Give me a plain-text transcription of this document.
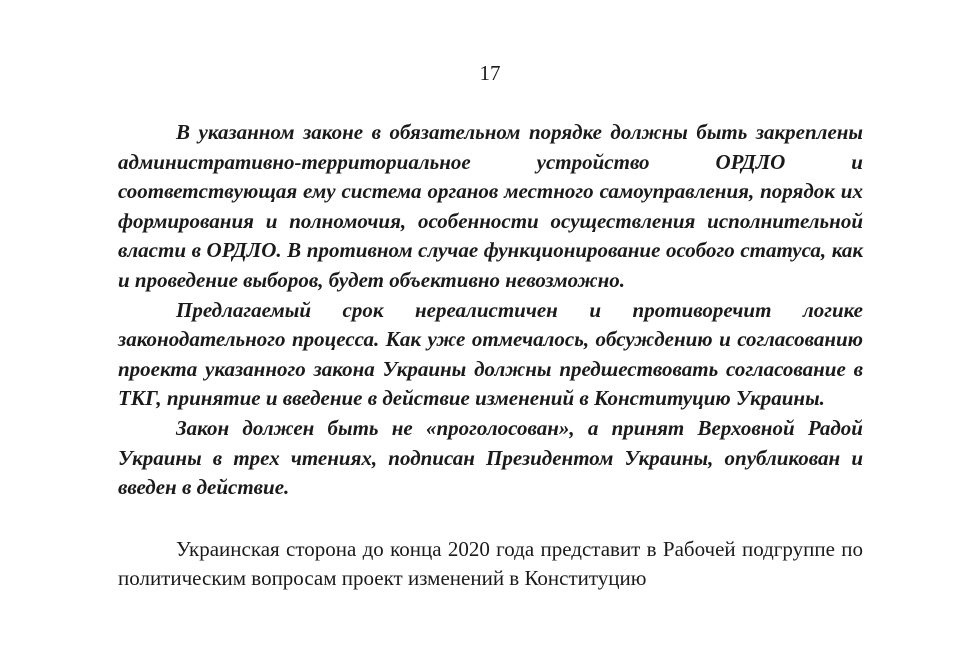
17

В указанном законе в обязательном порядке должны быть закреплены административно-территориальное устройство ОРДЛО и соответствующая ему система органов местного самоуправления, порядок их формирования и полномочия, особенности осуществления исполнительной власти в ОРДЛО. В противном случае функционирование особого статуса, как и проведение выборов, будет объективно невозможно.

Предлагаемый срок нереалистичен и противоречит логике законодательного процесса. Как уже отмечалось, обсуждению и согласованию проекта указанного закона Украины должны предшествовать согласование в ТКГ, принятие и введение в действие изменений в Конституцию Украины.

Закон должен быть не «проголосован», а принят Верховной Радой Украины в трех чтениях, подписан Президентом Украины, опубликован и введен в действие.

Украинская сторона до конца 2020 года представит в Рабочей подгруппе по политическим вопросам проект изменений в Конституцию
